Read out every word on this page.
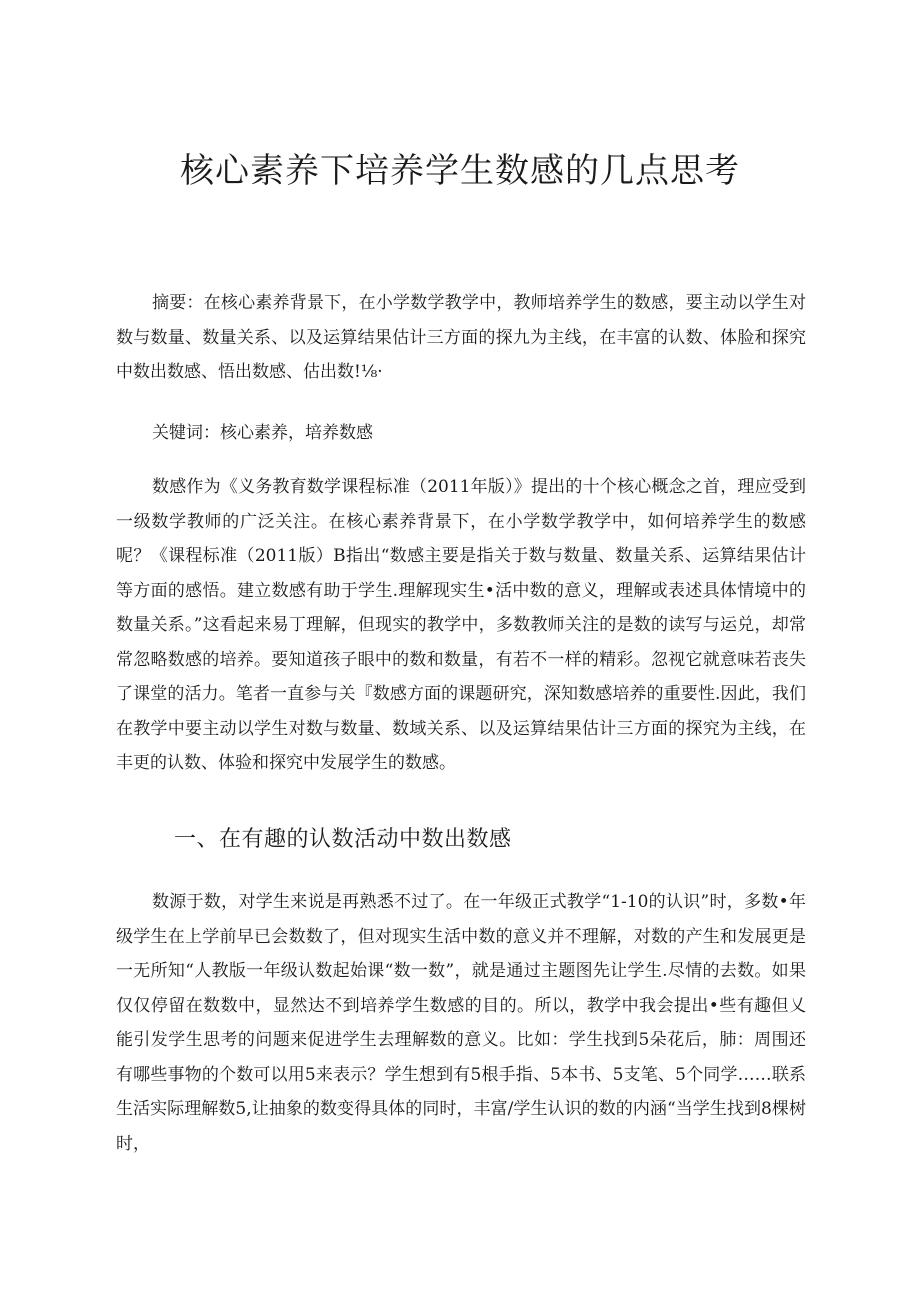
核心素养下培养学生数感的几点思考

摘要：在核心素养背景下，在小学数学教学中，教师培养学生的数感，要主动以学生对数与数量、数量关系、以及运算结果估计三方面的探九为主线，在丰富的认数、体脸和探究中数出数感、悟出数感、估出数!⅛·

关犍词：核心素养，培养数感

数感作为《义务教育数学课程标准（2011年版）》提出的十个核心概念之首，理应受到一级数学教师的广泛关注。在核心素养背景下，在小学数学教学中，如何培养学生的数感呢？《课程标准（2011版）B指出“数感主要是指关于数与数量、数量关系、运算结果估计等方面的感悟。建立数感有助于学生.理解现实生•活中数的意义，理解或表述具体情境中的数量关系。”这看起来易丁理解，但现实的教学中，多数教师关注的是数的读写与运兑，却常常忽略数感的培养。要知道孩子眼中的数和数量，有若不一样的精彩。忽视它就意味若丧失了课堂的活力。笔者一直参与关『数感方面的课题研究，深知数感培养的重要性.因此，我们在教学中要主动以学生对数与数量、数域关系、以及运算结果估计三方面的探究为主线，在丰更的认数、体验和探究中发展学生的数感。

一、在有趣的认数活动中数出数感

数源于数，对学生来说是再熟悉不过了。在一年级正式教学“1-10的认识”时，多数•年级学生在上学前早已会数数了，但对现实生活中数的意义并不理解，对数的产生和发展更是一无所知“人教版一年级认数起始课“数一数”，就是通过主题图先让学生.尽情的去数。如果仅仅停留在数数中，显然达不到培养学生数感的目的。所以，教学中我会提出•些有趣但乂能引发学生思考的问题来促进学生去理解数的意义。比如：学生找到5朵花后，肺：周围还有哪些事物的个数可以用5来表示？学生想到有5根手指、5本书、5支笔、5个同学……联系生活实际理解数5,让抽象的数变得具体的同时，丰富/学生认识的数的内涵“当学生找到8棵树时，
